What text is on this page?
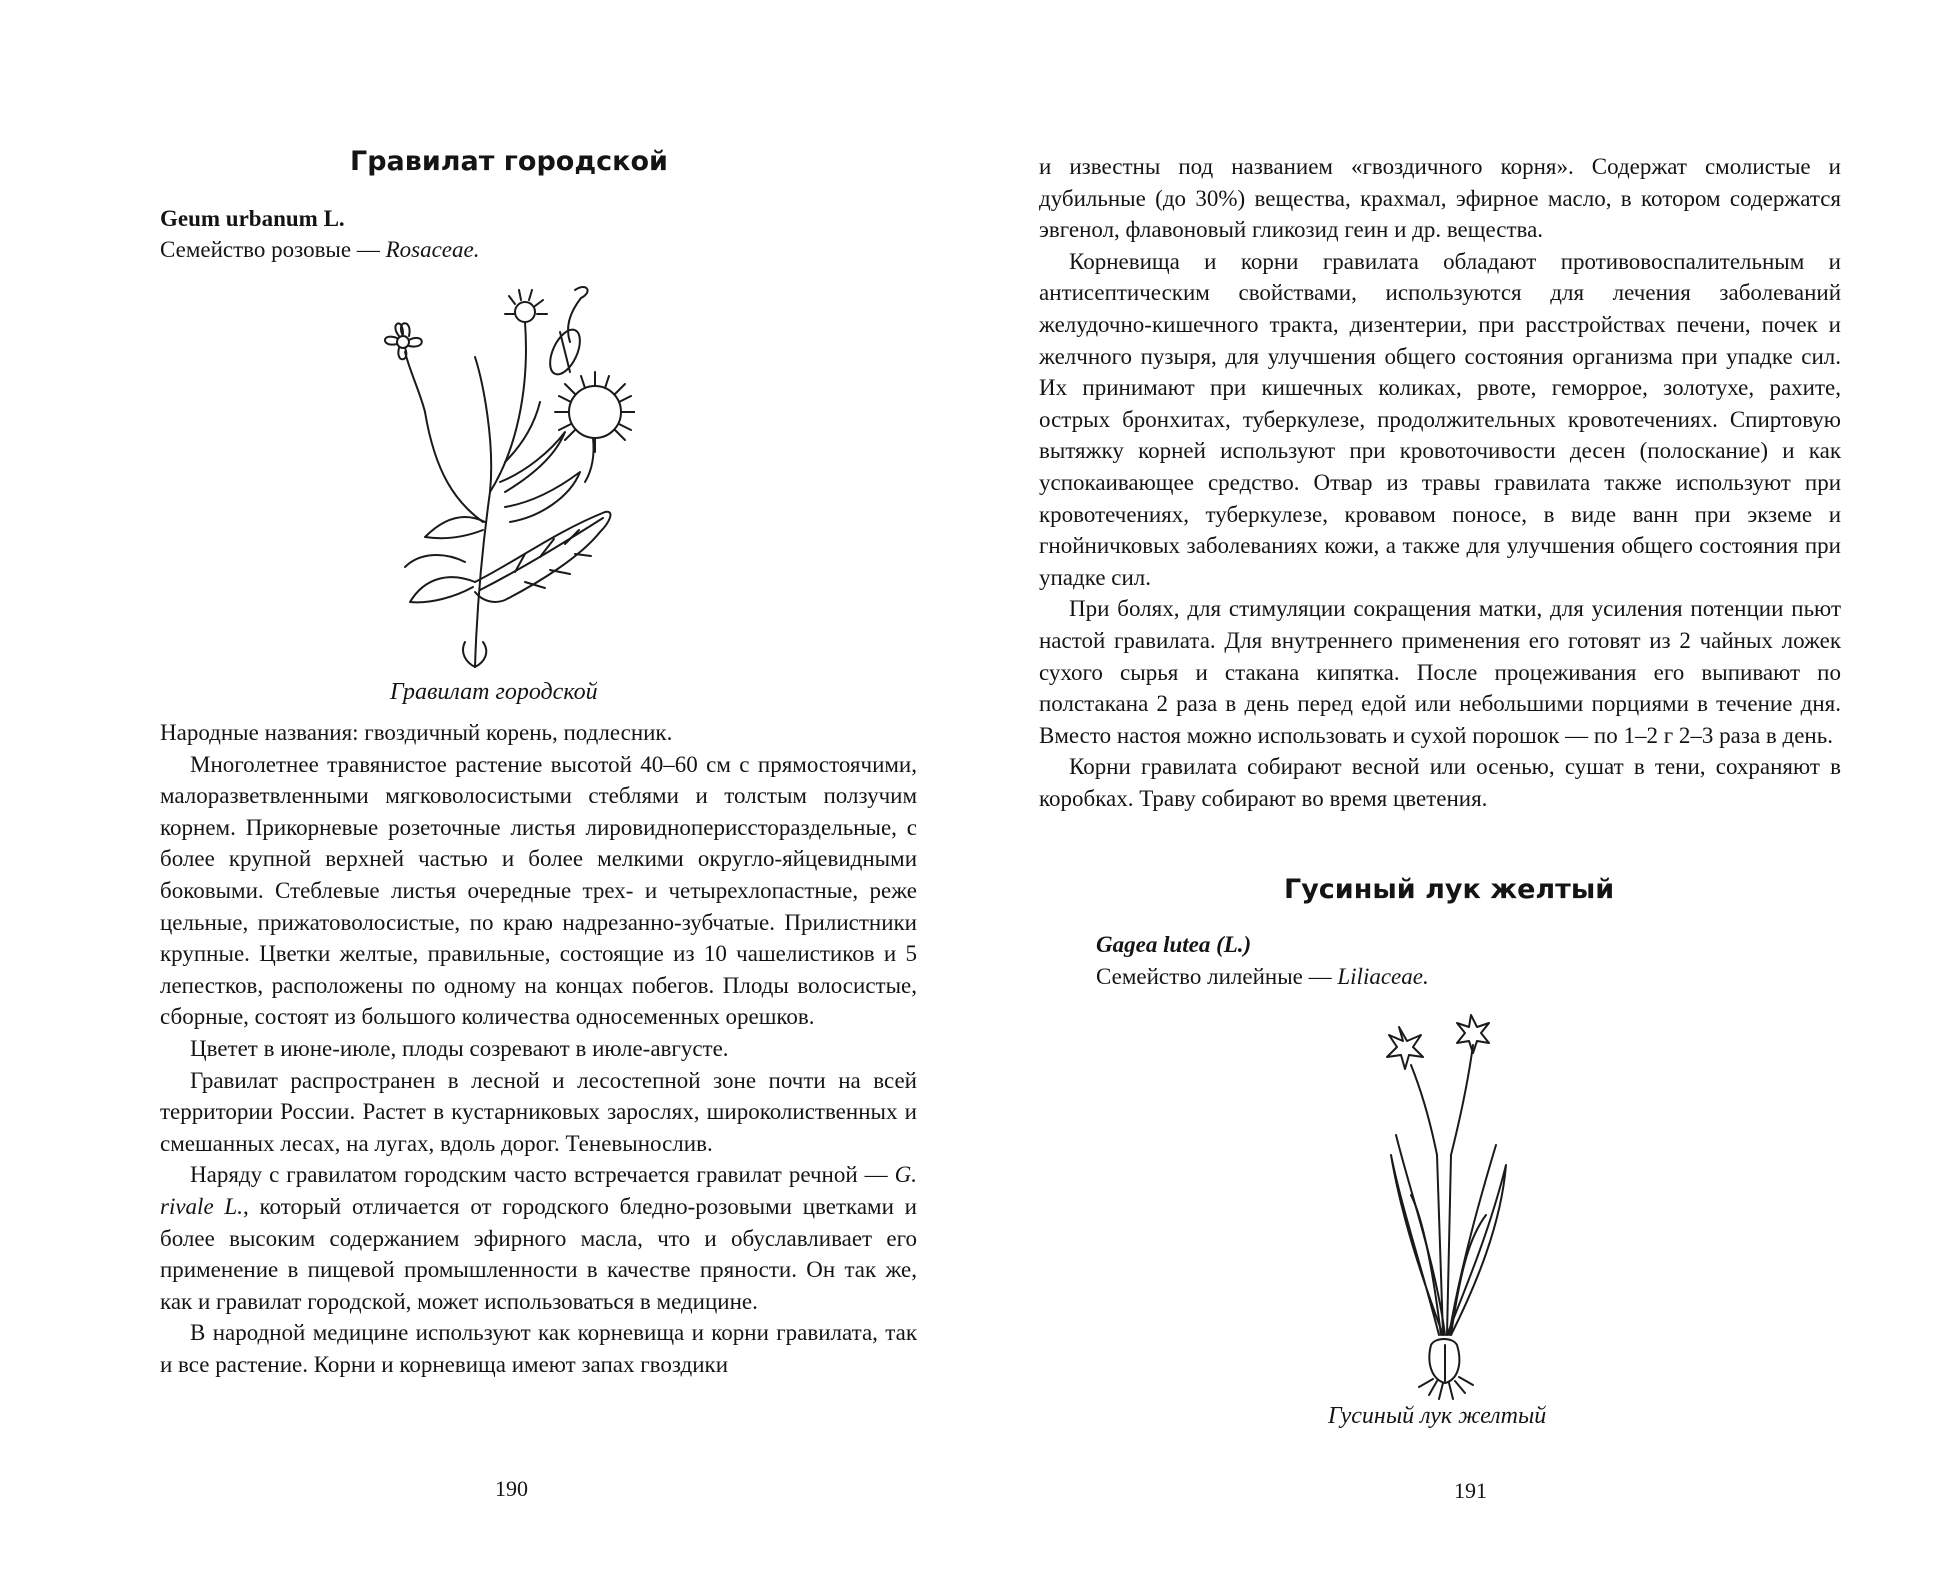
Гравилат городской
Geum urbanum L.
Семейство розовые — Rosaceae.
Гравилат городской

Народные названия: гвоздичный корень, подлесник.

Многолетнее травянистое растение высотой 40–60 см с прямостоячими, малоразветвленными мягковолосистыми стеблями и толстым ползучим корнем. Прикорневые розеточные листья лировиднопериссторaздельные, с более крупной верхней частью и более мелкими округло-яйцевидными боковыми. Стеблевые листья очередные трех- и четырехлопастные, реже цельные, прижатоволосистые, по краю надрезанно-зубчатые. Прилистники крупные. Цветки желтые, правильные, состоящие из 10 чашелистиков и 5 лепестков, расположены по одному на концах побегов. Плоды волосистые, сборные, состоят из большого количества односеменных орешков.

Цветет в июне-июле, плоды созревают в июле-августе.

Гравилат распространен в лесной и лесостепной зоне почти на всей территории России. Растет в кустарниковых зарослях, широколиственных и смешанных лесах, на лугах, вдоль дорог. Теневынослив.

Наряду с гравилатом городским часто встречается гравилат речной — G. rivale L., который отличается от городского бледно-розовыми цветками и более высоким содержанием эфирного масла, что и обуславливает его применение в пищевой промышленности в качестве пряности. Он так же, как и гравилат городской, может использоваться в медицине.

В народной медицине используют как корневища и корни гравилата, так и все растение. Корни и корневища имеют запах гвоздики

190

и известны под названием «гвоздичного корня». Содержат смолистые и дубильные (до 30%) вещества, крахмал, эфирное масло, в котором содержатся эвгенол, флавоновый гликозид геин и др. вещества.

Корневища и корни гравилата обладают противовоспалительным и антисептическим свойствами, используются для лечения заболеваний желудочно-кишечного тракта, дизентерии, при расстройствах печени, почек и желчного пузыря, для улучшения общего состояния организма при упадке сил. Их принимают при кишечных коликах, рвоте, геморрое, золотухе, рахите, острых бронхитах, туберкулезе, продолжительных кровотечениях. Спиртовую вытяжку корней используют при кровоточивости десен (полоскание) и как успокаивающее средство. Отвар из травы гравилата также используют при кровотечениях, туберкулезе, кровавом поносе, в виде ванн при экземе и гнойничковых заболеваниях кожи, а также для улучшения общего состояния при упадке сил.

При болях, для стимуляции сокращения матки, для усиления потенции пьют настой гравилата. Для внутреннего применения его готовят из 2 чайных ложек сухого сырья и стакана кипятка. После процеживания его выпивают по полстакана 2 раза в день перед едой или небольшими порциями в течение дня. Вместо настоя можно использовать и сухой порошок — по 1–2 г 2–3 раза в день.

Корни гравилата собирают весной или осенью, сушат в тени, сохраняют в коробках. Траву собирают во время цветения.

Гусиный лук желтый
Gagea lutea (L.)
Семейство лилейные — Liliaceae.
Гусиный лук желтый
191
